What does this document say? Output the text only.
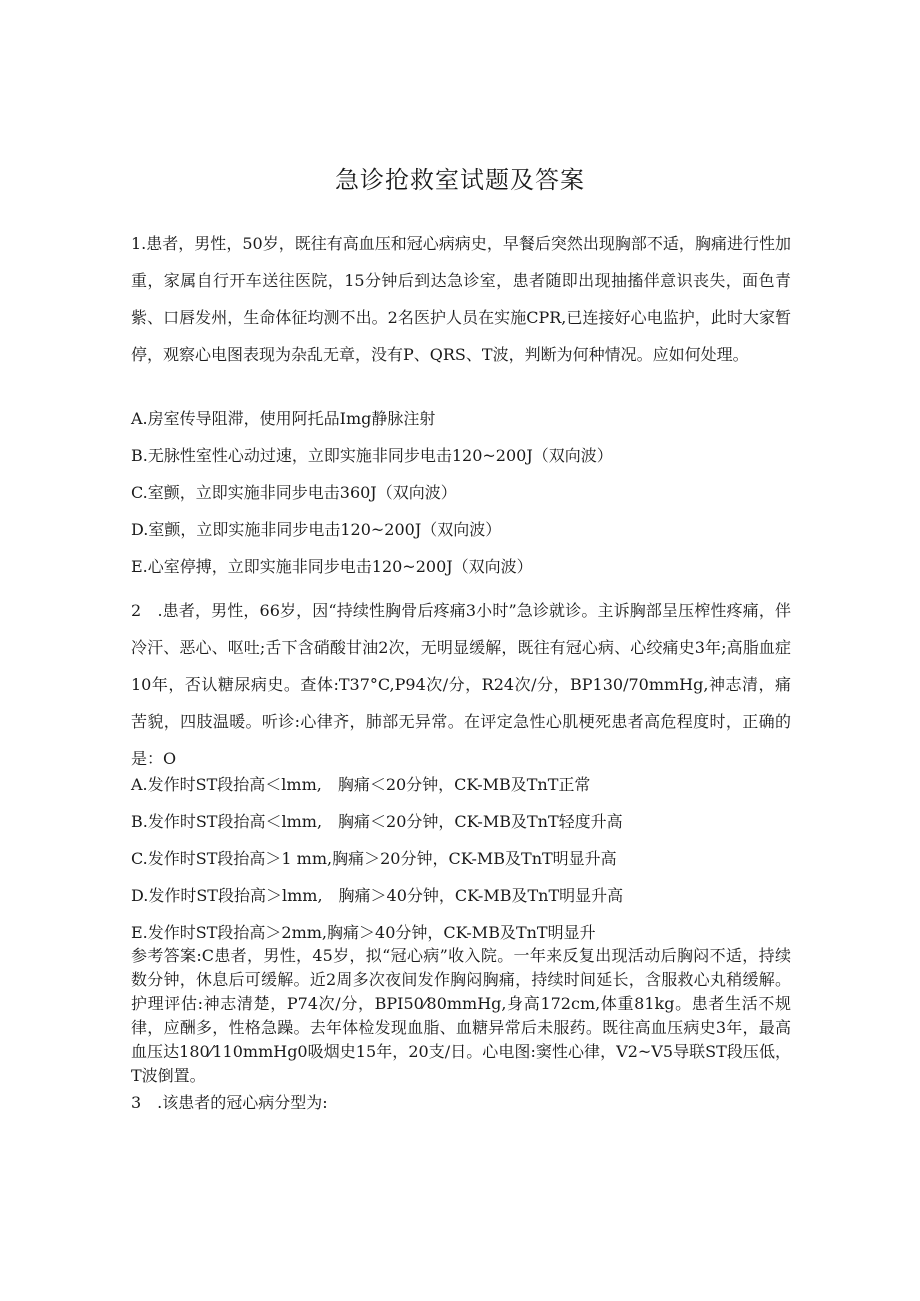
急诊抢救室试题及答案
1.患者，男性，50岁，既往有高血压和冠心病病史，早餐后突然出现胸部不适，胸痛进行性加重，家属自行开车送往医院，15分钟后到达急诊室，患者随即出现抽搐伴意识丧失，面色青紫、口唇发州，生命体征均测不出。2名医护人员在实施CPR,已连接好心电监护，此时大家暂停，观察心电图表现为杂乱无章，没有P、QRS、T波，判断为何种情况。应如何处理。
A.房室传导阻滞，使用阿托品Img静脉注射
B.无脉性室性心动过速，立即实施非同步电击120~200J（双向波）
C.室颤，立即实施非同步电击360J（双向波）
D.室颤，立即实施非同步电击120~200J（双向波）
E.心室停搏，立即实施非同步电击120~200J（双向波）
2　.患者，男性，66岁，因“持续性胸骨后疼痛3小时”急诊就诊。主诉胸部呈压榨性疼痛，伴冷汗、恶心、呕吐;舌下含硝酸甘油2次，无明显缓解，既往有冠心病、心绞痛史3年;高脂血症10年，否认糖尿病史。查体:T37°C,P94次/分，R24次/分，BP130/70mmHg,神志清，痛苦貌，四肢温暖。听诊:心律齐，肺部无异常。在评定急性心肌梗死患者高危程度时，正确的是：O
A.发作时ST段抬高＜lmm,　胸痛＜20分钟，CK-MB及TnT正常
B.发作时ST段抬高＜lmm,　胸痛＜20分钟，CK-MB及TnT轻度升高
C.发作时ST段抬高＞1 mm,胸痛＞20分钟，CK-MB及TnT明显升高
D.发作时ST段抬高＞lmm,　胸痛＞40分钟，CK-MB及TnT明显升高
E.发作时ST段抬高＞2mm,胸痛＞40分钟，CK-MB及TnT明显升
参考答案:C患者，男性，45岁，拟“冠心病”收入院。一年来反复出现活动后胸闷不适，持续数分钟，休息后可缓解。近2周多次夜间发作胸闷胸痛，持续时间延长，含服救心丸稍缓解。护理评估:神志清楚，P74次/分，BPI50⁄80mmHg,身高172cm,体重81kg。患者生活不规律，应酬多，性格急躁。去年体检发现血脂、血糖异常后未服药。既往高血压病史3年，最高血压达180⁄110mmHg0吸烟史15年，20支/日。心电图:窦性心律，V2~V5导联ST段压低，T波倒置。
3　.该患者的冠心病分型为:
